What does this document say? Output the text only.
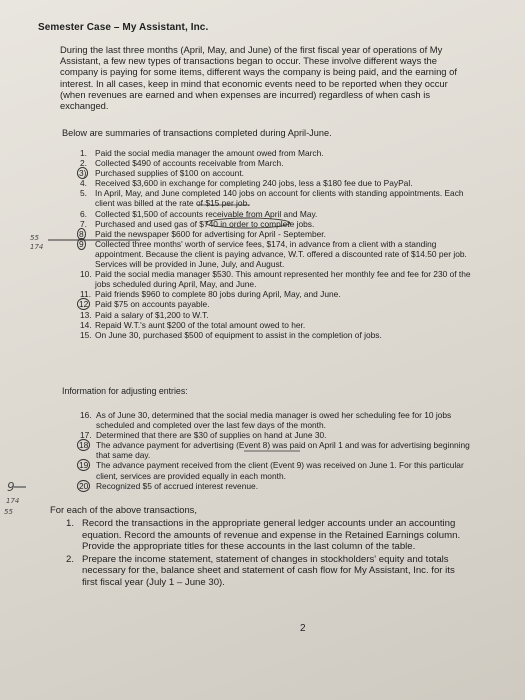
Semester Case – My Assistant, Inc.

During the last three months (April, May, and June) of the first fiscal year of operations of My Assistant, a few new types of transactions began to occur. These involve different ways the company is paying for some items, different ways the company is being paid, and the earning of interest. In all cases, keep in mind that economic events need to be reported when they occur (when revenues are earned and when expenses are incurred) regardless of when cash is exchanged.

Below are summaries of transactions completed during April-June.
1. Paid the social media manager the amount owed from March.
2. Collected $490 of accounts receivable from March.
3) Purchased supplies of $100 on account.
4. Received $3,600 in exchange for completing 240 jobs, less a $180 fee due to PayPal.
5. In April, May, and June completed 140 jobs on account for clients with standing appointments. Each client was billed at the rate of $15 per job.
6. Collected $1,500 of accounts receivable from April and May.
7. Purchased and used gas of $740 in order to complete jobs.
8 Paid the newspaper $600 for advertising for April - September.
9 Collected three months' worth of service fees, $174, in advance from a client with a standing appointment. Because the client is paying advance, W.T. offered a discounted rate of $14.50 per job. Services will be provided in June, July, and August.
10. Paid the social media manager $530. This amount represented her monthly fee and fee for 230 of the jobs scheduled during April, May, and June.
11. Paid friends $960 to complete 80 jobs during April, May, and June.
12 Paid $75 on accounts payable.
13. Paid a salary of $1,200 to W.T.
14. Repaid W.T.'s aunt $200 of the total amount owed to her.
15. On June 30, purchased $500 of equipment to assist in the completion of jobs.
Information for adjusting entries:
16. As of June 30, determined that the social media manager is owed her scheduling fee for 10 jobs scheduled and completed over the last few days of the month.
17. Determined that there are $30 of supplies on hand at June 30.
18 The advance payment for advertising (Event 8) was paid on April 1 and was for advertising beginning that same day.
19 The advance payment received from the client (Event 9) was received on June 1. For this particular client, services are provided equally in each month.
20 Recognized $5 of accrued interest revenue.
For each of the above transactions,
1. Record the transactions in the appropriate general ledger accounts under an accounting equation. Record the amounts of revenue and expense in the Retained Earnings column. Provide the appropriate titles for these accounts in the last column of the table.
2. Prepare the income statement, statement of changes in stockholders' equity and totals necessary for the, balance sheet and statement of cash flow for My Assistant, Inc. for its first fiscal year (July 1 – June 30).
2
55
174
9
174
55
